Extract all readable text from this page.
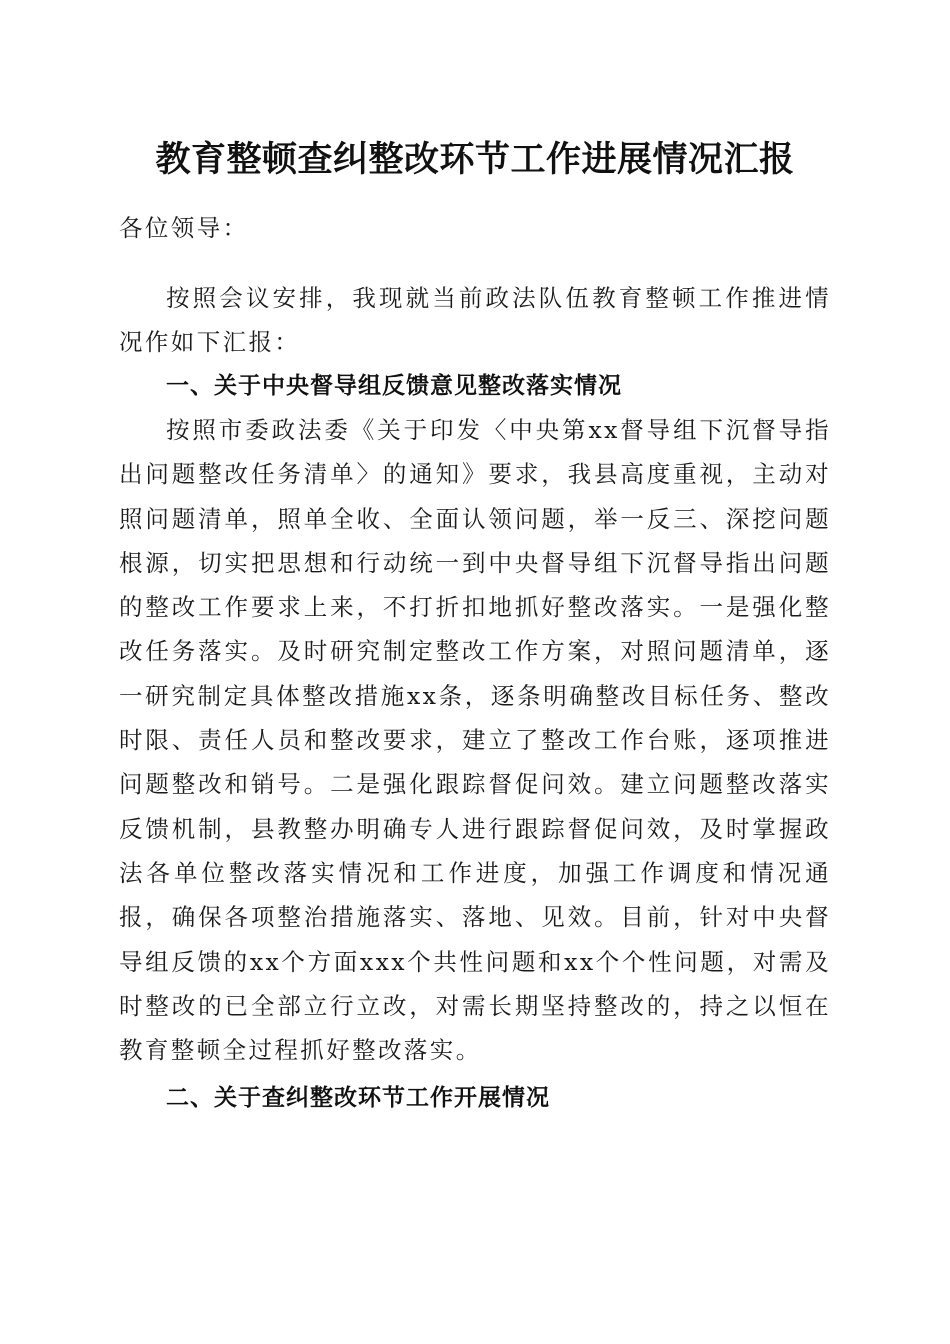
教育整顿查纠整改环节工作进展情况汇报

各位领导：

按照会议安排，我现就当前政法队伍教育整顿工作推进情况作如下汇报：

一、关于中央督导组反馈意见整改落实情况

按照市委政法委《关于印发〈中央第xx督导组下沉督导指出问题整改任务清单〉的通知》要求，我县高度重视，主动对照问题清单，照单全收、全面认领问题，举一反三、深挖问题根源，切实把思想和行动统一到中央督导组下沉督导指出问题的整改工作要求上来，不打折扣地抓好整改落实。一是强化整改任务落实。及时研究制定整改工作方案，对照问题清单，逐一研究制定具体整改措施xx条，逐条明确整改目标任务、整改时限、责任人员和整改要求，建立了整改工作台账，逐项推进问题整改和销号。二是强化跟踪督促问效。建立问题整改落实反馈机制，县教整办明确专人进行跟踪督促问效，及时掌握政法各单位整改落实情况和工作进度，加强工作调度和情况通报，确保各项整治措施落实、落地、见效。目前，针对中央督导组反馈的xx个方面xxx个共性问题和xx个个性问题，对需及时整改的已全部立行立改，对需长期坚持整改的，持之以恒在教育整顿全过程抓好整改落实。

二、关于查纠整改环节工作开展情况
